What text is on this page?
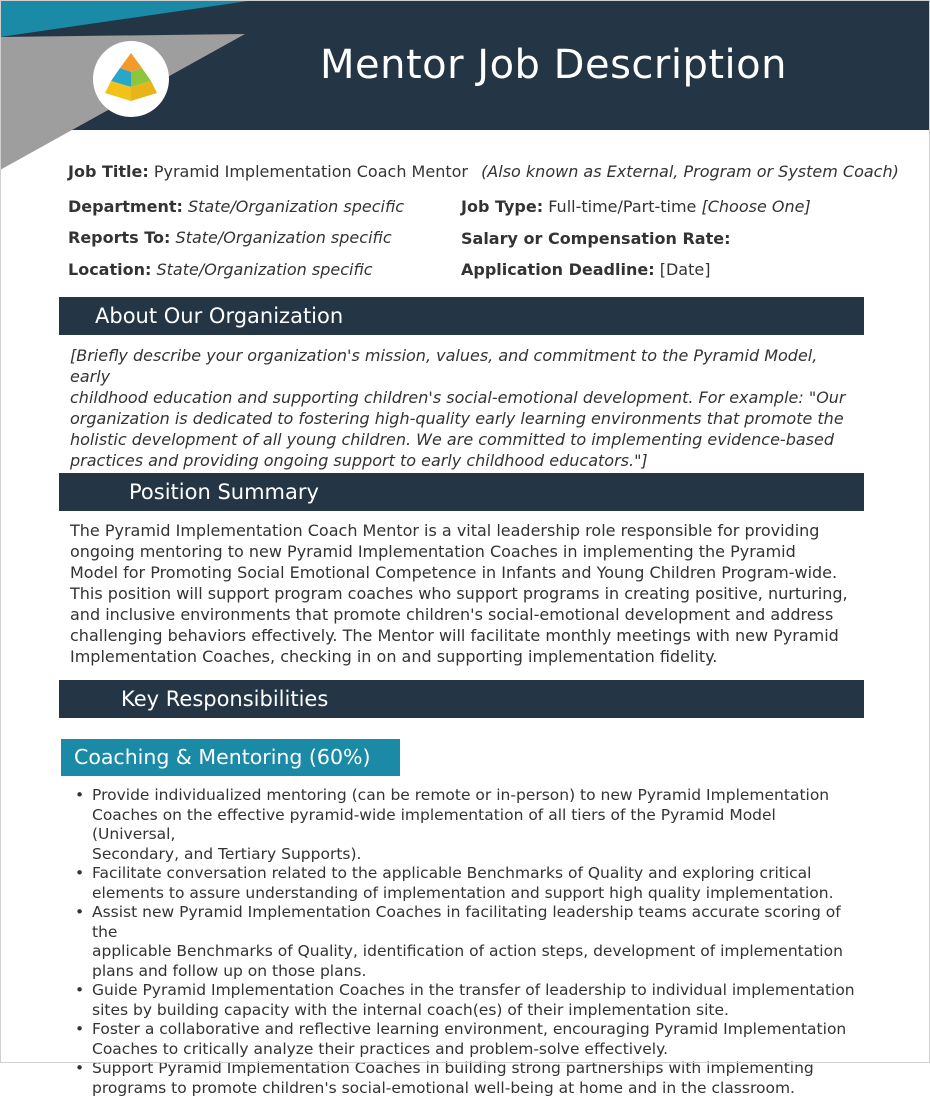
Mentor Job Description
Job Title: Pyramid Implementation Coach Mentor (Also known as External, Program or System Coach)
Department: State/Organization specific
Reports To: State/Organization specific
Location: State/Organization specific
Job Type: Full-time/Part-time [Choose One]
Salary or Compensation Rate:
Application Deadline: [Date]
About Our Organization
[Briefly describe your organization's mission, values, and commitment to the Pyramid Model, early
childhood education and supporting children's social-emotional development. For example: "Our
organization is dedicated to fostering high-quality early learning environments that promote the
holistic development of all young children. We are committed to implementing evidence-based
practices and providing ongoing support to early childhood educators."]
Position Summary
The Pyramid Implementation Coach Mentor is a vital leadership role responsible for providing
ongoing mentoring to new Pyramid Implementation Coaches in implementing the Pyramid
Model for Promoting Social Emotional Competence in Infants and Young Children Program-wide.
This position will support program coaches who support programs in creating positive, nurturing,
and inclusive environments that promote children's social-emotional development and address
challenging behaviors effectively. The Mentor will facilitate monthly meetings with new Pyramid
Implementation Coaches, checking in on and supporting implementation fidelity.
Key Responsibilities
Coaching & Mentoring (60%)
• Provide individualized mentoring (can be remote or in-person) to new Pyramid Implementation
Coaches on the effective pyramid-wide implementation of all tiers of the Pyramid Model (Universal,
Secondary, and Tertiary Supports).
• Facilitate conversation related to the applicable Benchmarks of Quality and exploring critical
elements to assure understanding of implementation and support high quality implementation.
• Assist new Pyramid Implementation Coaches in facilitating leadership teams accurate scoring of the
applicable Benchmarks of Quality, identification of action steps, development of implementation
plans and follow up on those plans.
• Guide Pyramid Implementation Coaches in the transfer of leadership to individual implementation
sites by building capacity with the internal coach(es) of their implementation site.
• Foster a collaborative and reflective learning environment, encouraging Pyramid Implementation
Coaches to critically analyze their practices and problem-solve effectively.
• Support Pyramid Implementation Coaches in building strong partnerships with implementing
programs to promote children's social-emotional well-being at home and in the classroom.
